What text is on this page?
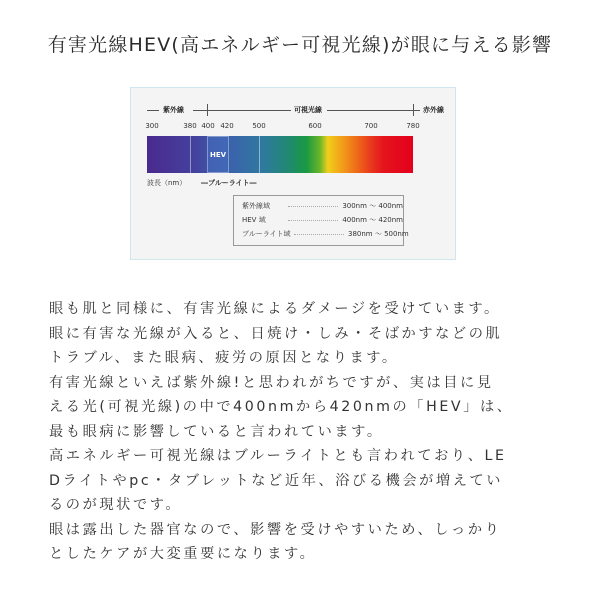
有害光線HEV(高エネルギー可視光線)が眼に与える影響
紫外線	可視光線	赤外線
300	380 400 420	500	600	700	780
HEV
波長（nm） ―ブルーライト―
紫外線域	300nm ～ 400nm
HEV 域	400nm ～ 420nm
ブルーライト域	380nm ～ 500nm

眼も肌と同様に、有害光線によるダメージを受けています。

眼に有害な光線が入ると、日焼け・しみ・そばかすなどの肌

トラブル、また眼病、疲労の原因となります。

有害光線といえば紫外線!と思われがちですが、実は目に見

える光(可視光線)の中で400nmから420nmの「HEV」は、

最も眼病に影響していると言われています。

高エネルギー可視光線はブルーライトとも言われており、LE

Dライトやpc・タブレットなど近年、浴びる機会が増えてい

るのが現状です。

眼は露出した器官なので、影響を受けやすいため、しっかり

としたケアが大変重要になります。
